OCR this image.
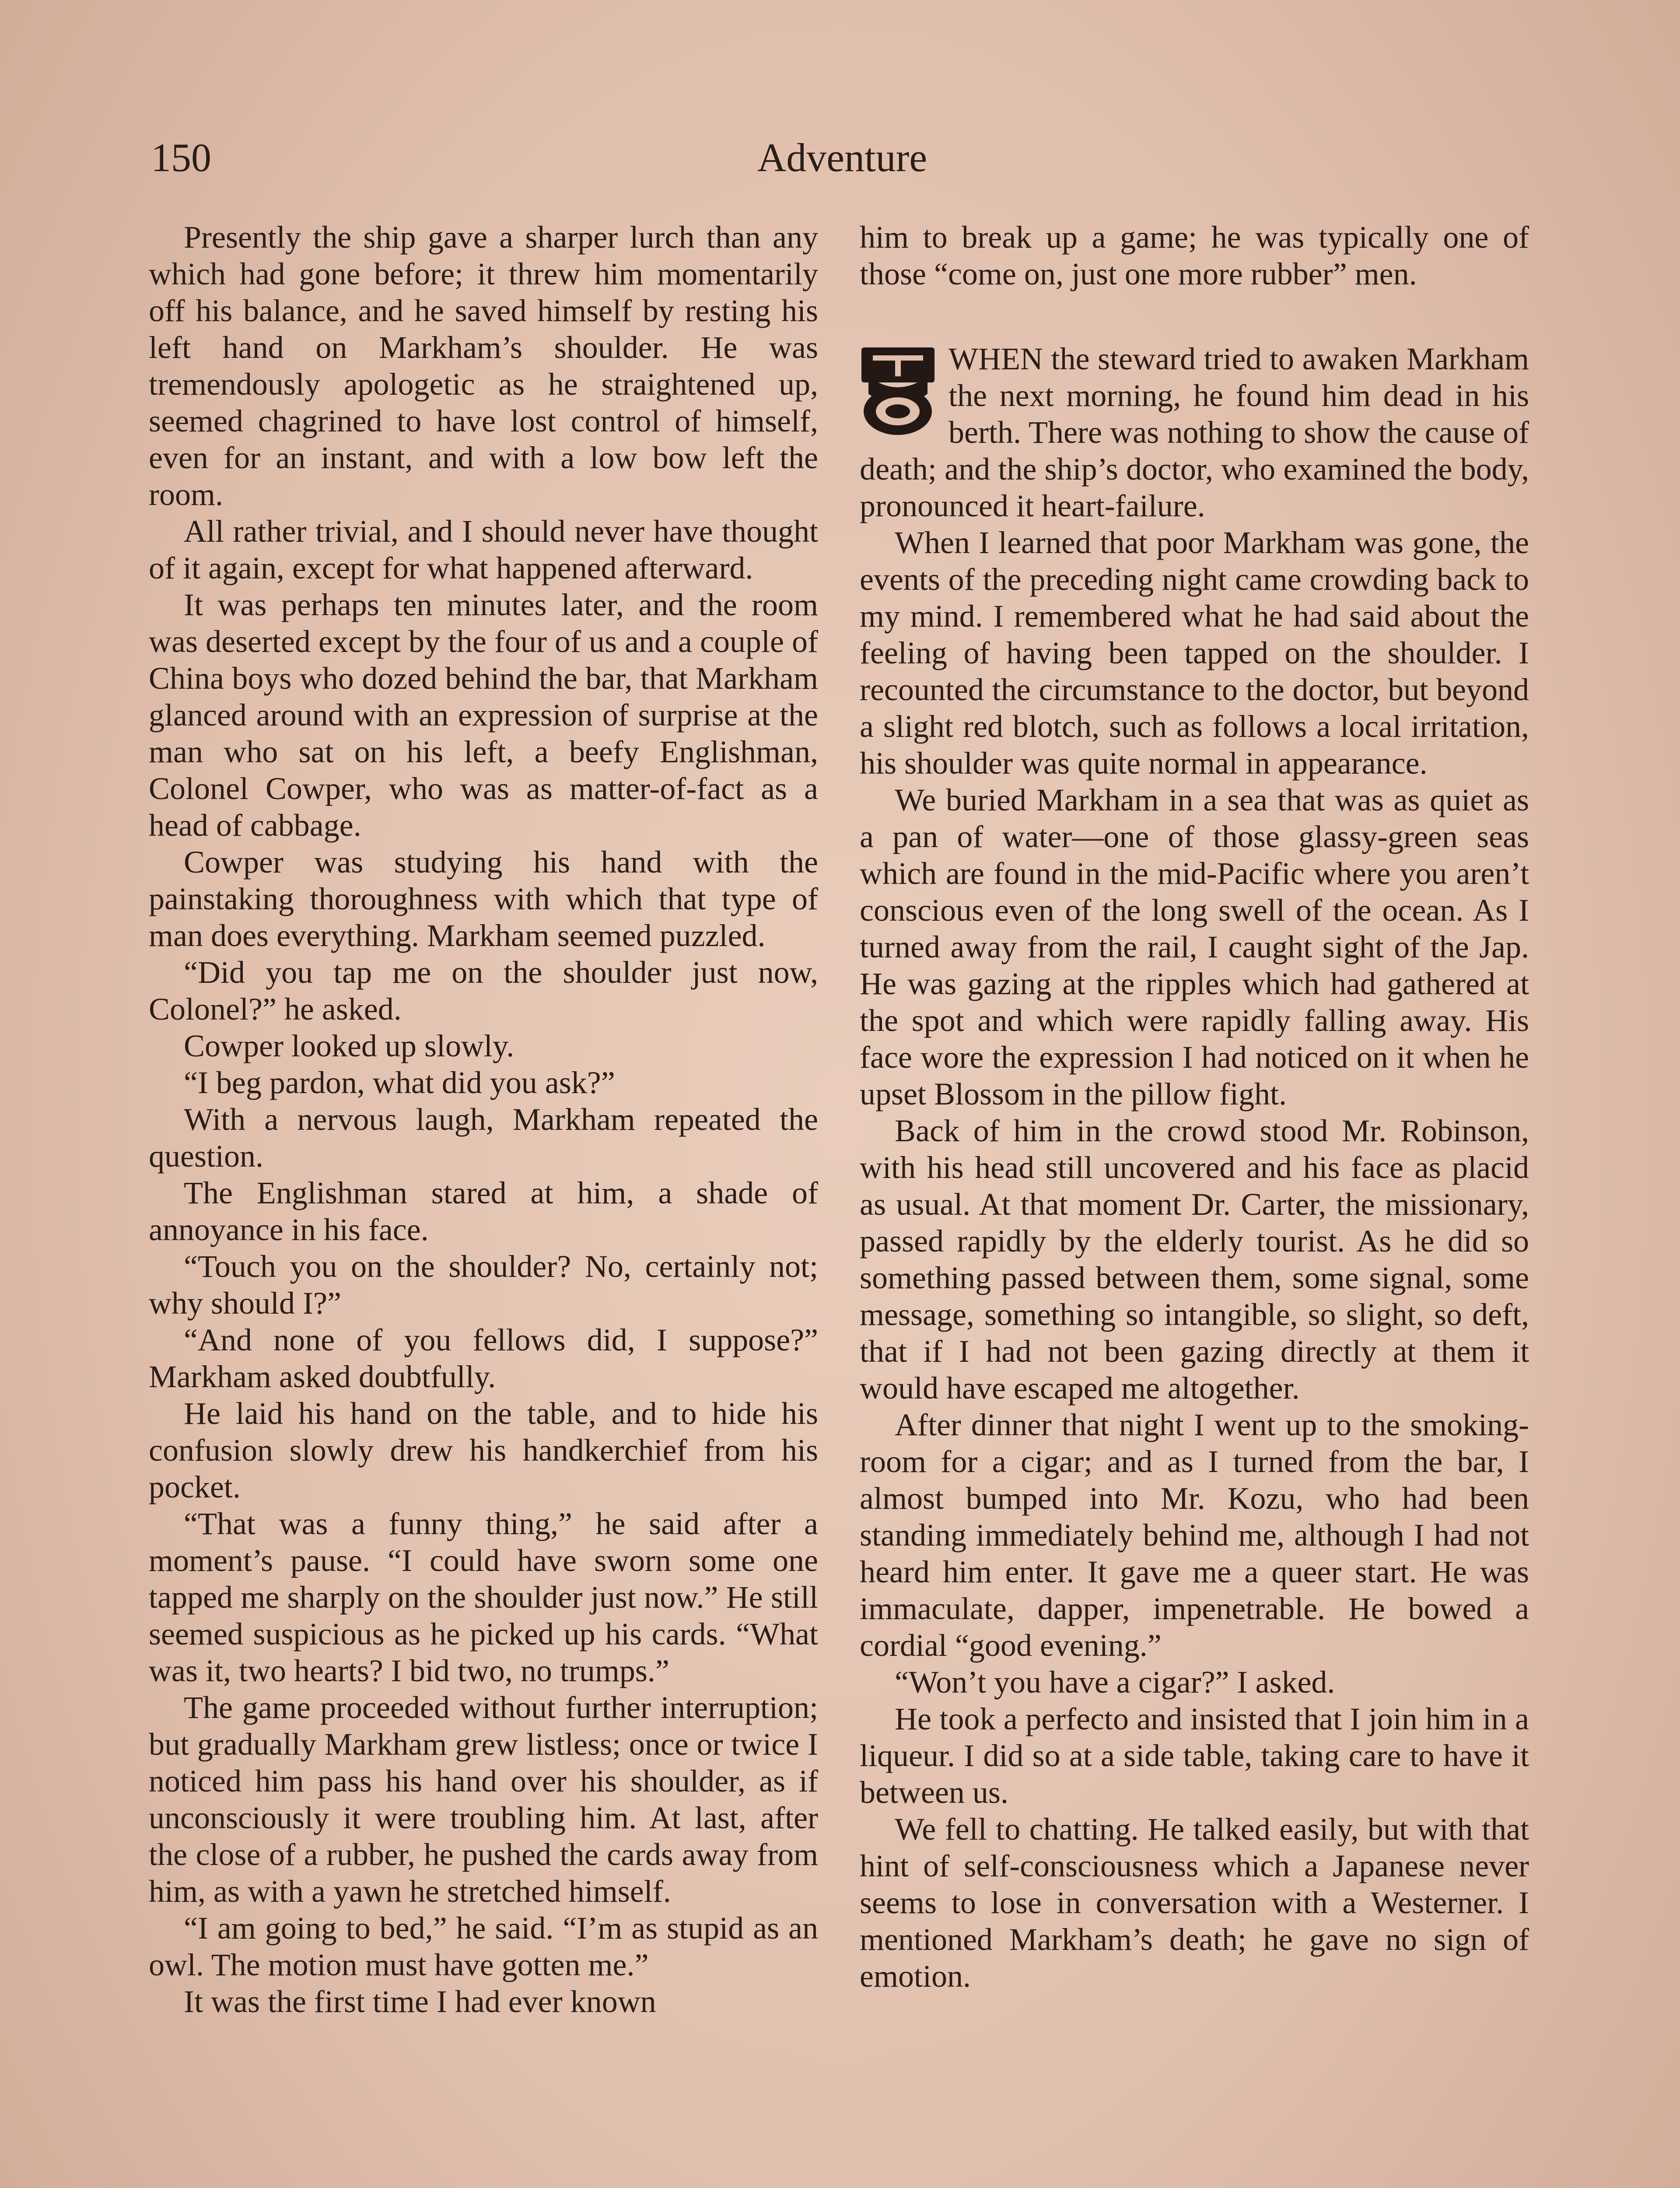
150	Adventure

Presently the ship gave a sharper lurch than any which had gone before; it threw him momentarily off his balance, and he saved himself by resting his left hand on Markham’s shoulder. He was tremendously apologetic as he straightened up, seemed chagrined to have lost control of himself, even for an instant, and with a low bow left the room.

All rather trivial, and I should never have thought of it again, except for what happened afterward.

It was perhaps ten minutes later, and the room was deserted except by the four of us and a couple of China boys who dozed behind the bar, that Markham glanced around with an expression of surprise at the man who sat on his left, a beefy Englishman, Colonel Cowper, who was as matter-of-fact as a head of cabbage.

Cowper was studying his hand with the painstaking thoroughness with which that type of man does everything. Markham seemed puzzled.

“Did you tap me on the shoulder just now, Colonel?” he asked.

Cowper looked up slowly.

“I beg pardon, what did you ask?”

With a nervous laugh, Markham repeated the question.

The Englishman stared at him, a shade of annoyance in his face.

“Touch you on the shoulder? No, certainly not; why should I?”

“And none of you fellows did, I suppose?” Markham asked doubtfully.

He laid his hand on the table, and to hide his confusion slowly drew his handkerchief from his pocket.

“That was a funny thing,” he said after a moment’s pause. “I could have sworn some one tapped me sharply on the shoulder just now.” He still seemed suspicious as he picked up his cards. “What was it, two hearts? I bid two, no trumps.”

The game proceeded without further interruption; but gradually Markham grew listless; once or twice I noticed him pass his hand over his shoulder, as if unconsciously it were troubling him. At last, after the close of a rubber, he pushed the cards away from him, as with a yawn he stretched himself.

“I am going to bed,” he said. “I’m as stupid as an owl. The motion must have gotten me.”

It was the first time I had ever known

him to break up a game; he was typically one of those “come on, just one more rubber” men.

WHEN the steward tried to awaken Markham the next morning, he found him dead in his berth. There was nothing to show the cause of death; and the ship’s doctor, who examined the body, pronounced it heart-failure.

When I learned that poor Markham was gone, the events of the preceding night came crowding back to my mind. I remembered what he had said about the feeling of having been tapped on the shoulder. I recounted the circumstance to the doctor, but beyond a slight red blotch, such as follows a local irritation, his shoulder was quite normal in appearance.

We buried Markham in a sea that was as quiet as a pan of water—one of those glassy-green seas which are found in the mid-Pacific where you aren’t conscious even of the long swell of the ocean. As I turned away from the rail, I caught sight of the Jap. He was gazing at the ripples which had gathered at the spot and which were rapidly falling away. His face wore the expression I had noticed on it when he upset Blossom in the pillow fight.

Back of him in the crowd stood Mr. Robinson, with his head still uncovered and his face as placid as usual. At that moment Dr. Carter, the missionary, passed rapidly by the elderly tourist. As he did so something passed between them, some signal, some message, something so intangible, so slight, so deft, that if I had not been gazing directly at them it would have escaped me altogether.

After dinner that night I went up to the smoking-room for a cigar; and as I turned from the bar, I almost bumped into Mr. Kozu, who had been standing immediately behind me, although I had not heard him enter. It gave me a queer start. He was immaculate, dapper, impenetrable. He bowed a cordial “good evening.”

“Won’t you have a cigar?” I asked.

He took a perfecto and insisted that I join him in a liqueur. I did so at a side table, taking care to have it between us.

We fell to chatting. He talked easily, but with that hint of self-consciousness which a Japanese never seems to lose in conversation with a Westerner. I mentioned Markham’s death; he gave no sign of emotion.
